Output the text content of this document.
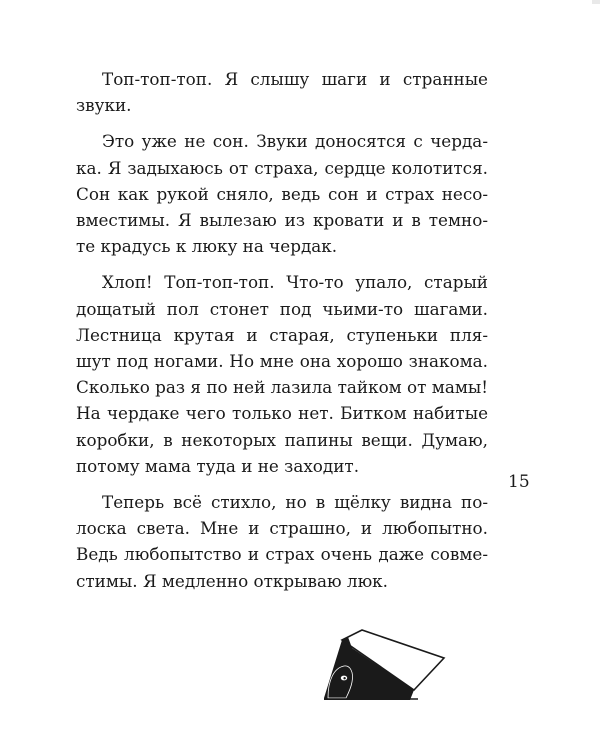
Топ-топ-топ. Я слышу шаги и странные
звуки.
Это уже не сон. Звуки доносятся с черда-
ка. Я задыхаюсь от страха, сердце колотится.
Сон как рукой сняло, ведь сон и страх несо-
вместимы. Я вылезаю из кровати и в темно-
те крадусь к люку на чердак.
Хлоп! Топ-топ-топ. Что-то упало, старый
дощатый пол стонет под чьими-то шагами.
Лестница крутая и старая, ступеньки пля-
шут под ногами. Но мне она хорошо знакома.
Сколько раз я по ней лазила тайком от мамы!
На чердаке чего только нет. Битком набитые
коробки, в некоторых папины вещи. Думаю,
потому мама туда и не заходит.
Теперь всё стихло, но в щёлку видна по-
лоска света. Мне и страшно, и любопытно.
Ведь любопытство и страх очень даже совме-
стимы. Я медленно открываю люк.
15
